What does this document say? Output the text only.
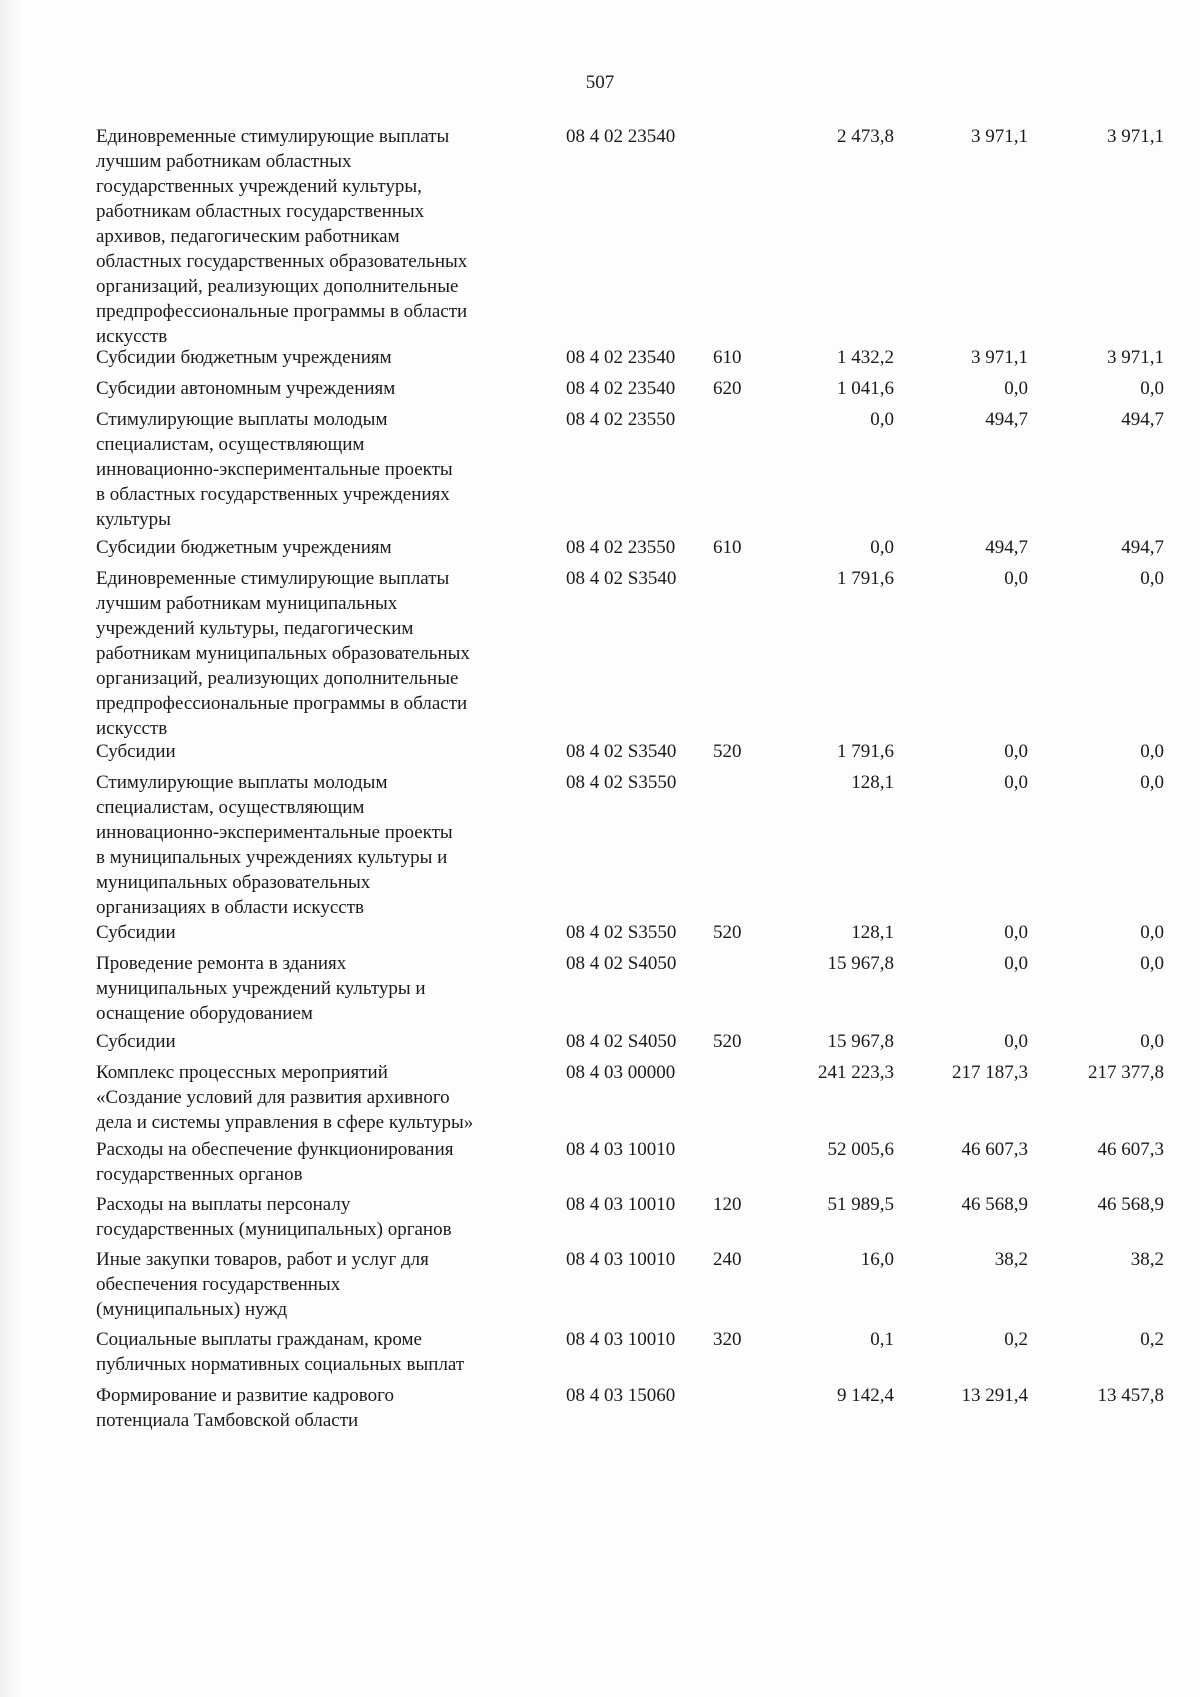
507
Единовременные стимулирующие выплаты
лучшим работникам областных
государственных учреждений культуры,
работникам областных государственных
архивов, педагогическим работникам
областных государственных образовательных
организаций, реализующих дополнительные
предпрофессиональные программы в области
искусств
08 4 02 23540	2 473,8	3 971,1	3 971,1
Субсидии бюджетным учреждениям	08 4 02 23540 610	1 432,2	3 971,1	3 971,1
Субсидии автономным учреждениям	08 4 02 23540 620	1 041,6	0,0	0,0
Стимулирующие выплаты молодым
специалистам, осуществляющим
инновационно-экспериментальные проекты
в областных государственных учреждениях
культуры
08 4 02 23550	0,0	494,7	494,7
Субсидии бюджетным учреждениям	08 4 02 23550 610	0,0	494,7	494,7
Единовременные стимулирующие выплаты
лучшим работникам муниципальных
учреждений культуры, педагогическим
работникам муниципальных образовательных
организаций, реализующих дополнительные
предпрофессиональные программы в области
искусств
08 4 02 S3540	1 791,6	0,0	0,0
Субсидии	08 4 02 S3540 520	1 791,6	0,0	0,0
Стимулирующие выплаты молодым
специалистам, осуществляющим
инновационно-экспериментальные проекты
в муниципальных учреждениях культуры и
муниципальных образовательных
организациях в области искусств
08 4 02 S3550	128,1	0,0	0,0
Субсидии	08 4 02 S3550 520	128,1	0,0	0,0
Проведение ремонта в зданиях
муниципальных учреждений культуры и
оснащение оборудованием
08 4 02 S4050	15 967,8	0,0	0,0
Субсидии	08 4 02 S4050 520	15 967,8	0,0	0,0
Комплекс процессных мероприятий
«Создание условий для развития архивного
дела и системы управления в сфере культуры»
08 4 03 00000	241 223,3	217 187,3	217 377,8
Расходы на обеспечение функционирования
государственных органов
08 4 03 10010	52 005,6	46 607,3	46 607,3
Расходы на выплаты персоналу
государственных (муниципальных) органов
08 4 03 10010 120	51 989,5	46 568,9	46 568,9
Иные закупки товаров, работ и услуг для
обеспечения государственных
(муниципальных) нужд
08 4 03 10010 240	16,0	38,2	38,2
Социальные выплаты гражданам, кроме
публичных нормативных социальных выплат
08 4 03 10010 320	0,1	0,2	0,2
Формирование и развитие кадрового
потенциала Тамбовской области
08 4 03 15060	9 142,4	13 291,4	13 457,8
